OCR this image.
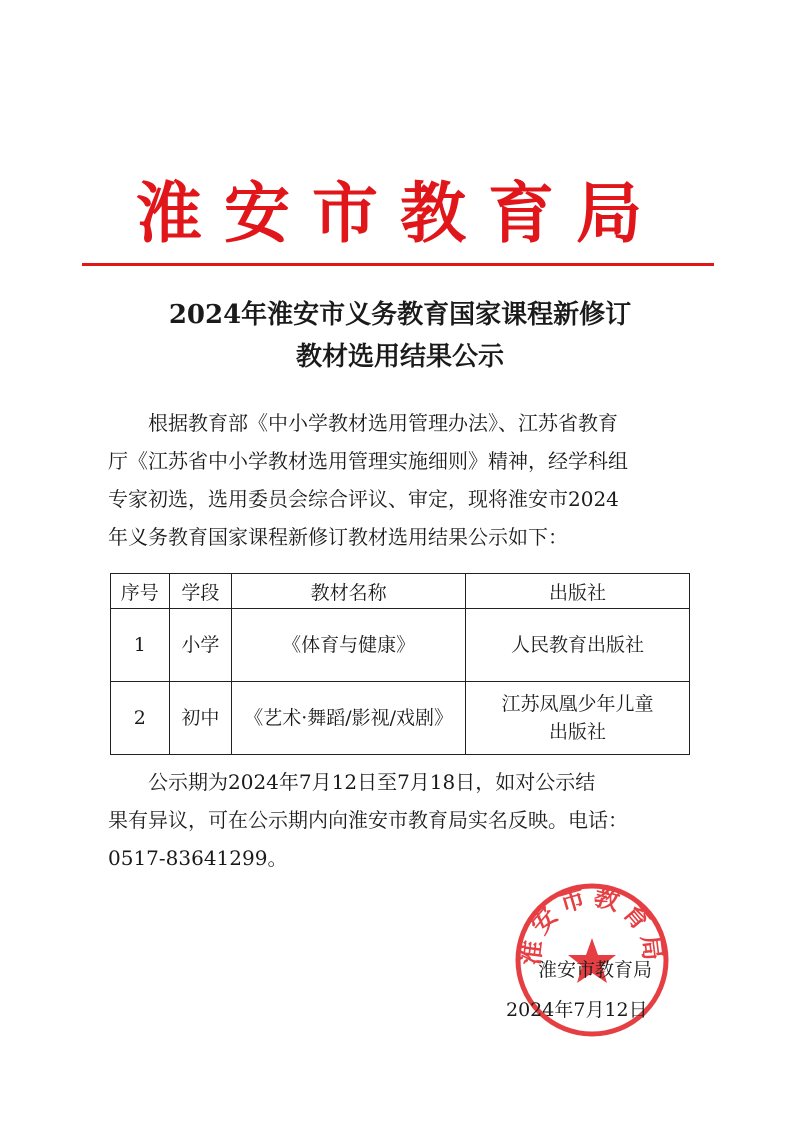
淮安市教育局
2024年淮安市义务教育国家课程新修订
教材选用结果公示

根据教育部《中小学教材选用管理办法》、江苏省教育

厅《江苏省中小学教材选用管理实施细则》精神，经学科组

专家初选，选用委员会综合评议、审定，现将淮安市2024

年义务教育国家课程新修订教材选用结果公示如下：

序号	学段	教材名称	出版社
1	小学	《体育与健康》	人民教育出版社

2	初中	《艺术·舞蹈/影视/戏剧》	江苏凤凰少年儿童
出版社

公示期为2024年7月12日至7月18日，如对公示结

果有异议，可在公示期内向淮安市教育局实名反映。电话：

0517-83641299。

淮安市教育局
淮安市教育局
2024年7月12日
